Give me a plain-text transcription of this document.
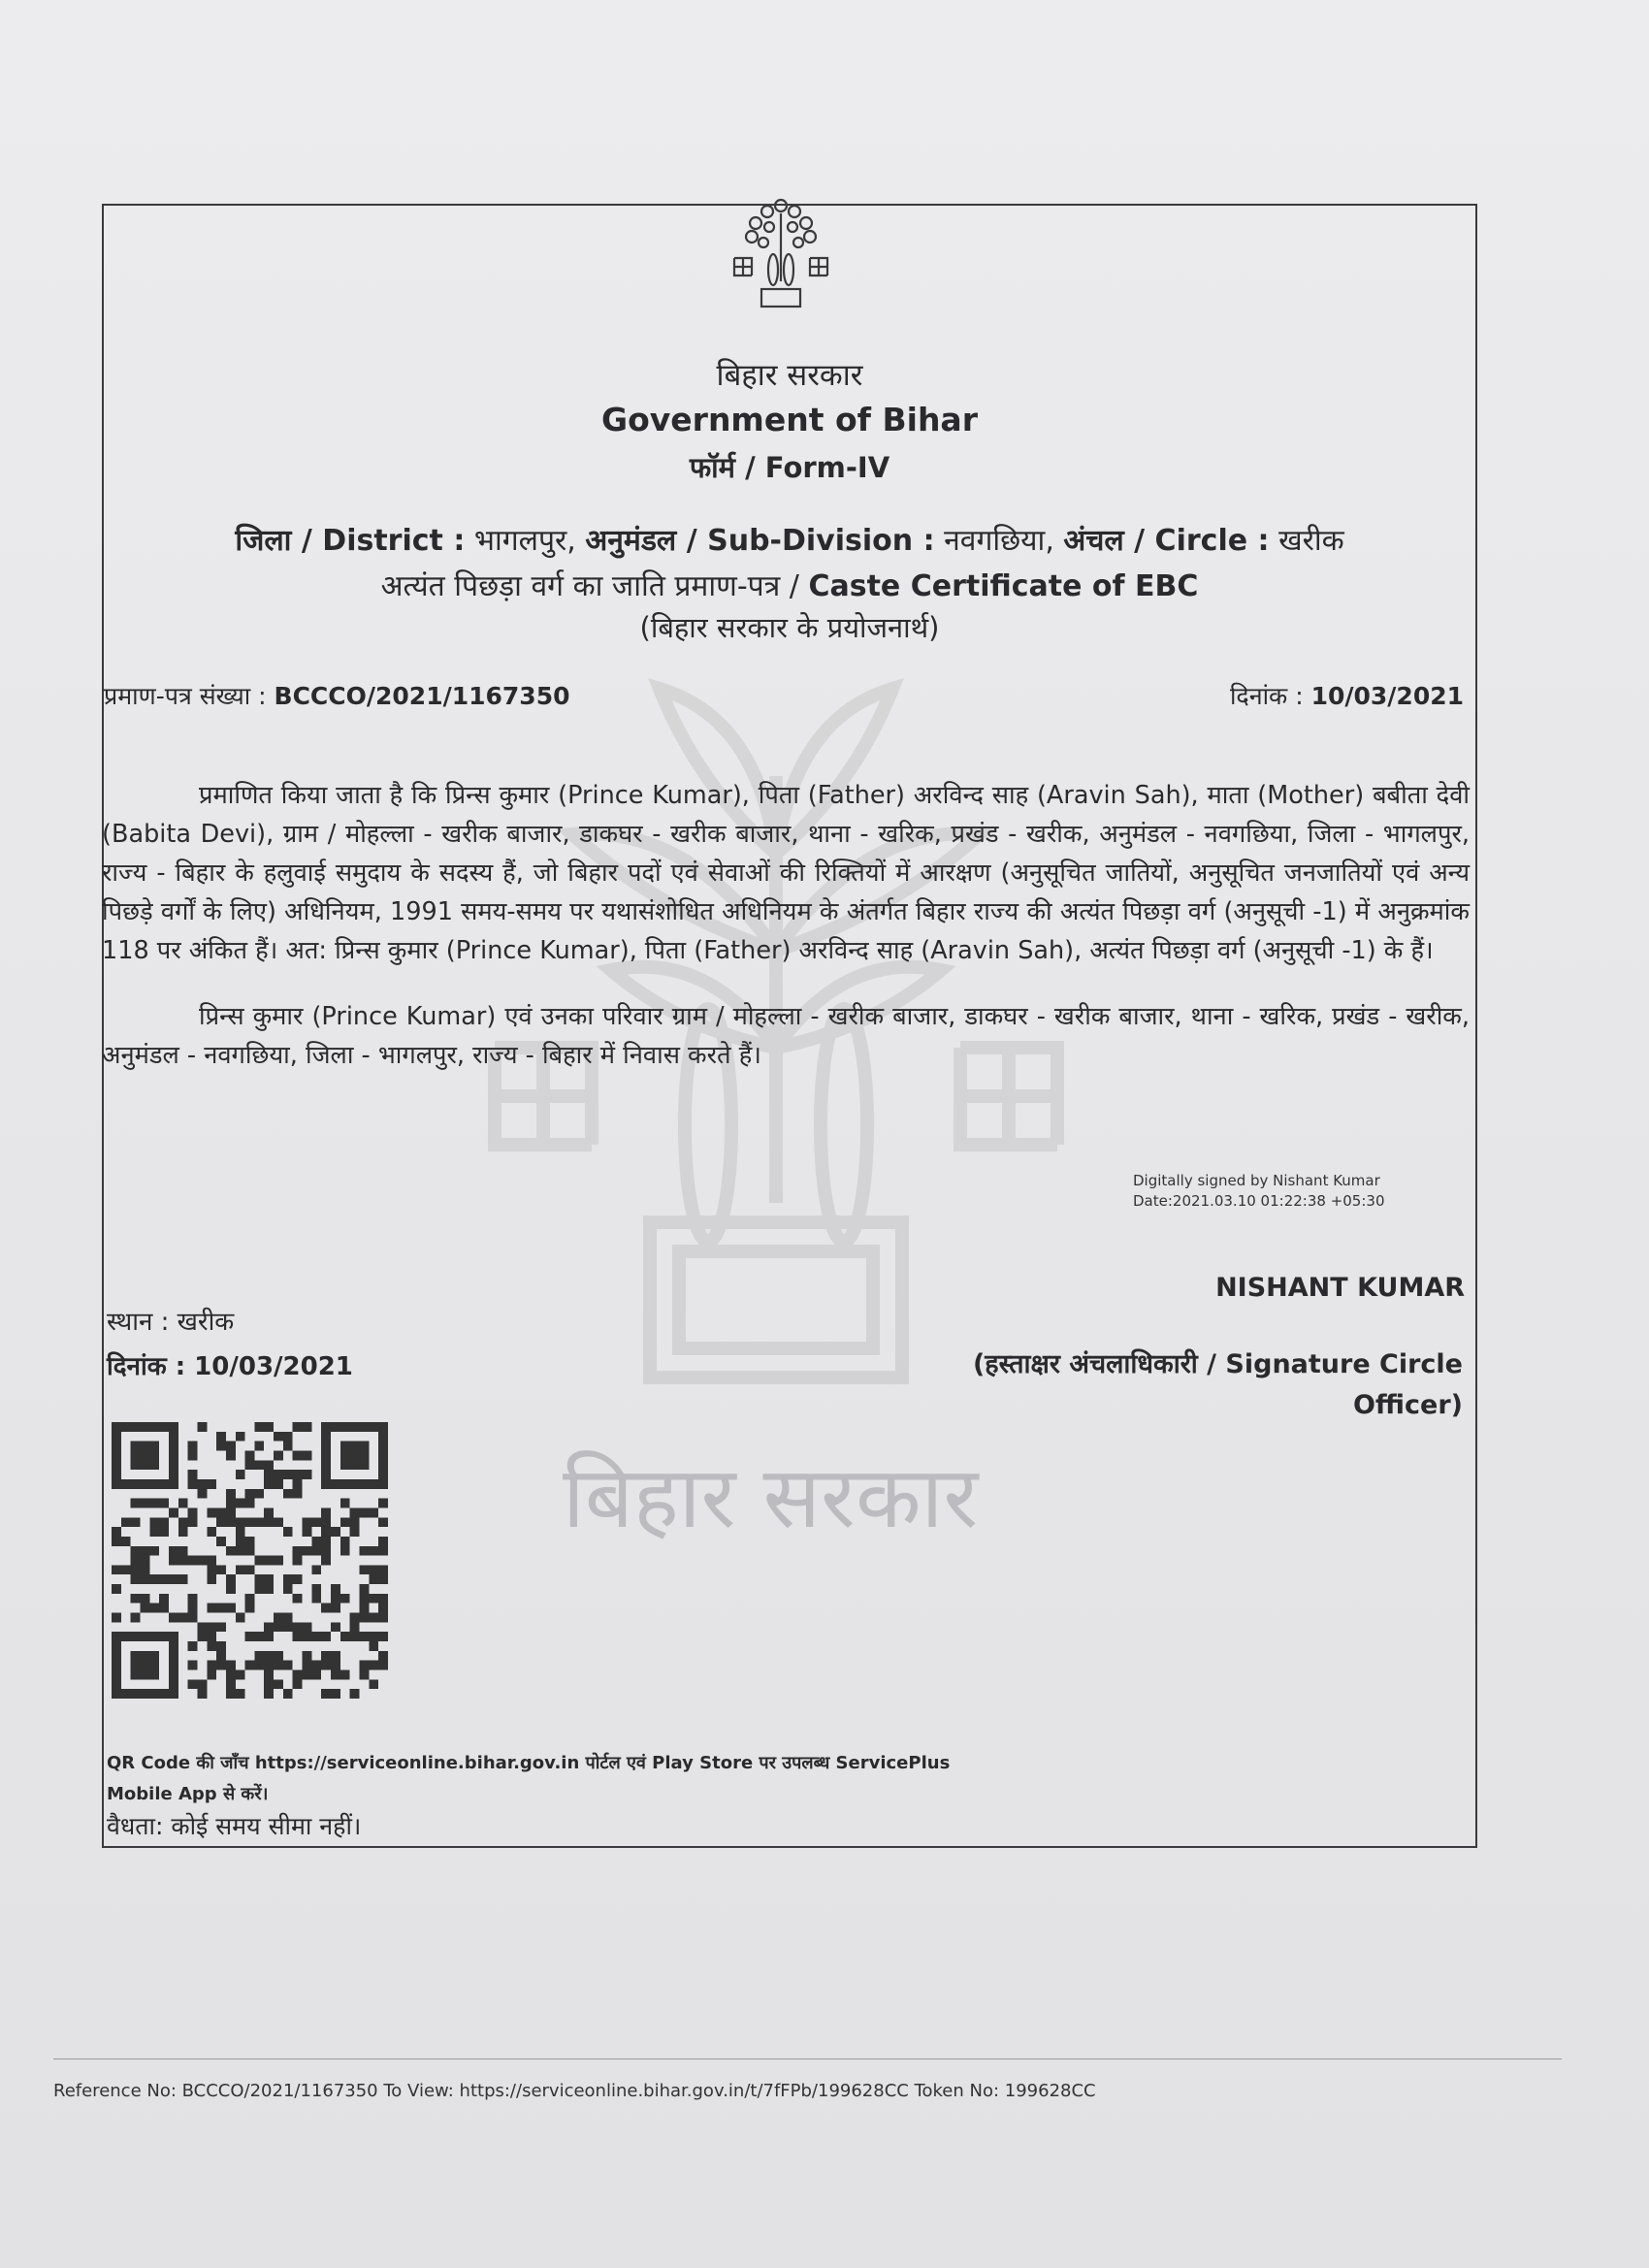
बिहार सरकार
बिहार सरकार
Government of Bihar
फॉर्म / Form-IV
जिला / District : भागलपुर, अनुमंडल / Sub-Division : नवगछिया, अंचल / Circle : खरीक
अत्यंत पिछड़ा वर्ग का जाति प्रमाण-पत्र / Caste Certificate of EBC
(बिहार सरकार के प्रयोजनार्थ)
प्रमाण-पत्र संख्या : BCCCO/2021/1167350	दिनांक : 10/03/2021

प्रमाणित किया जाता है कि प्रिन्स कुमार (Prince Kumar), पिता (Father) अरविन्द साह (Aravin Sah), माता (Mother) बबीता देवी (Babita Devi), ग्राम / मोहल्ला - खरीक बाजार, डाकघर - खरीक बाजार, थाना - खरिक, प्रखंड - खरीक, अनुमंडल - नवगछिया, जिला - भागलपुर, राज्य - बिहार के हलुवाई समुदाय के सदस्य हैं, जो बिहार पदों एवं सेवाओं की रिक्तियों में आरक्षण (अनुसूचित जातियों, अनुसूचित जनजातियों एवं अन्य पिछड़े वर्गों के लिए) अधिनियम, 1991 समय-समय पर यथासंशोधित अधिनियम के अंतर्गत बिहार राज्य की अत्यंत पिछड़ा वर्ग (अनुसूची -1) में अनुक्रमांक 118 पर अंकित हैं। अत: प्रिन्स कुमार (Prince Kumar), पिता (Father) अरविन्द साह (Aravin Sah), अत्यंत पिछड़ा वर्ग (अनुसूची -1) के हैं।

प्रिन्स कुमार (Prince Kumar) एवं उनका परिवार ग्राम / मोहल्ला - खरीक बाजार, डाकघर - खरीक बाजार, थाना - खरिक, प्रखंड - खरीक, अनुमंडल - नवगछिया, जिला - भागलपुर, राज्य - बिहार में निवास करते हैं।

Digitally signed by Nishant Kumar
Date:2021.03.10 01:22:38 +05:30
NISHANT KUMAR
(हस्ताक्षर अंचलाधिकारी / Signature Circle Officer)
स्थान : खरीक
दिनांक : 10/03/2021
QR Code की जाँच https://serviceonline.bihar.gov.in पोर्टल एवं Play Store पर उपलब्ध ServicePlus
Mobile App से करें।
वैधता: कोई समय सीमा नहीं।
Reference No: BCCCO/2021/1167350 To View: https://serviceonline.bihar.gov.in/t/7fFPb/199628CC Token No: 199628CC
